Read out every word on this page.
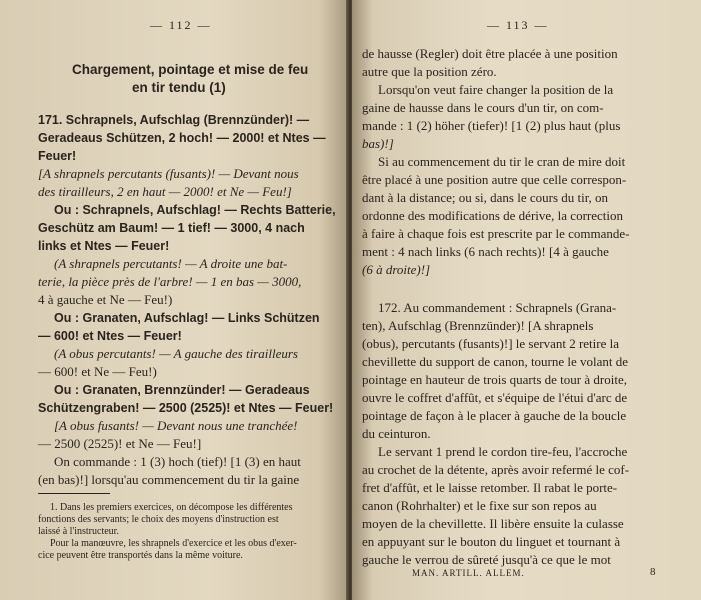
— 112 —
Chargement, pointage et mise de feu
en tir tendu (1)
171. Schrapnels, Aufschlag (Brennzünder)! —
Geradeaus Schützen, 2 hoch! — 2000! et Ntes —
Feuer!
[A shrapnels percutants (fusants)! — Devant nous
des tirailleurs, 2 en haut — 2000! et Ne — Feu!]
Ou : Schrapnels, Aufschlag! — Rechts Batterie,
Geschütz am Baum! — 1 tief! — 3000, 4 nach
links et Ntes — Feuer!
(A shrapnels percutants! — A droite une bat-
terie, la pièce près de l'arbre! — 1 en bas — 3000,
4 à gauche et Ne — Feu!)
Ou : Granaten, Aufschlag! — Links Schützen
— 600! et Ntes — Feuer!
(A obus percutants! — A gauche des tirailleurs
— 600! et Ne — Feu!)
Ou : Granaten, Brennzünder! — Geradeaus
Schützengraben! — 2500 (2525)! et Ntes — Feuer!
[A obus fusants! — Devant nous une tranchée!
— 2500 (2525)! et Ne — Feu!]
On commande : 1 (3) hoch (tief)! [1 (3) en haut
(en bas)!] lorsqu'au commencement du tir la gaine
1. Dans les premiers exercices, on décompose les différentes
fonctions des servants; le choix des moyens d'instruction est
laissé à l'instructeur.
Pour la manœuvre, les shrapnels d'exercice et les obus d'exer-
cice peuvent être transportés dans la même voiture.
— 113 —
de hausse (Regler) doit être placée à une position
autre que la position zéro.
Lorsqu'on veut faire changer la position de la
gaine de hausse dans le cours d'un tir, on com-
mande : 1 (2) höher (tiefer)! [1 (2) plus haut (plus
bas)!]
Si au commencement du tir le cran de mire doit
être placé à une position autre que celle correspon-
dant à la distance; ou si, dans le cours du tir, on
ordonne des modifications de dérive, la correction
à faire à chaque fois est prescrite par le commande-
ment : 4 nach links (6 nach rechts)! [4 à gauche
(6 à droite)!]
172. Au commandement : Schrapnels (Grana-
ten), Aufschlag (Brennzünder)! [A shrapnels
(obus), percutants (fusants)!] le servant 2 retire la
chevillette du support de canon, tourne le volant de
pointage en hauteur de trois quarts de tour à droite,
ouvre le coffret d'affût, et s'équipe de l'étui d'arc de
pointage de façon à le placer à gauche de la boucle
du ceinturon.
Le servant 1 prend le cordon tire-feu, l'accroche
au crochet de la détente, après avoir refermé le cof-
fret d'affût, et le laisse retomber. Il rabat le porte-
canon (Rohrhalter) et le fixe sur son repos au
moyen de la chevillette. Il libère ensuite la culasse
en appuyant sur le bouton du linguet et tournant à
gauche le verrou de sûreté jusqu'à ce que le mot
MAN. ARTILL. ALLEM.	8
